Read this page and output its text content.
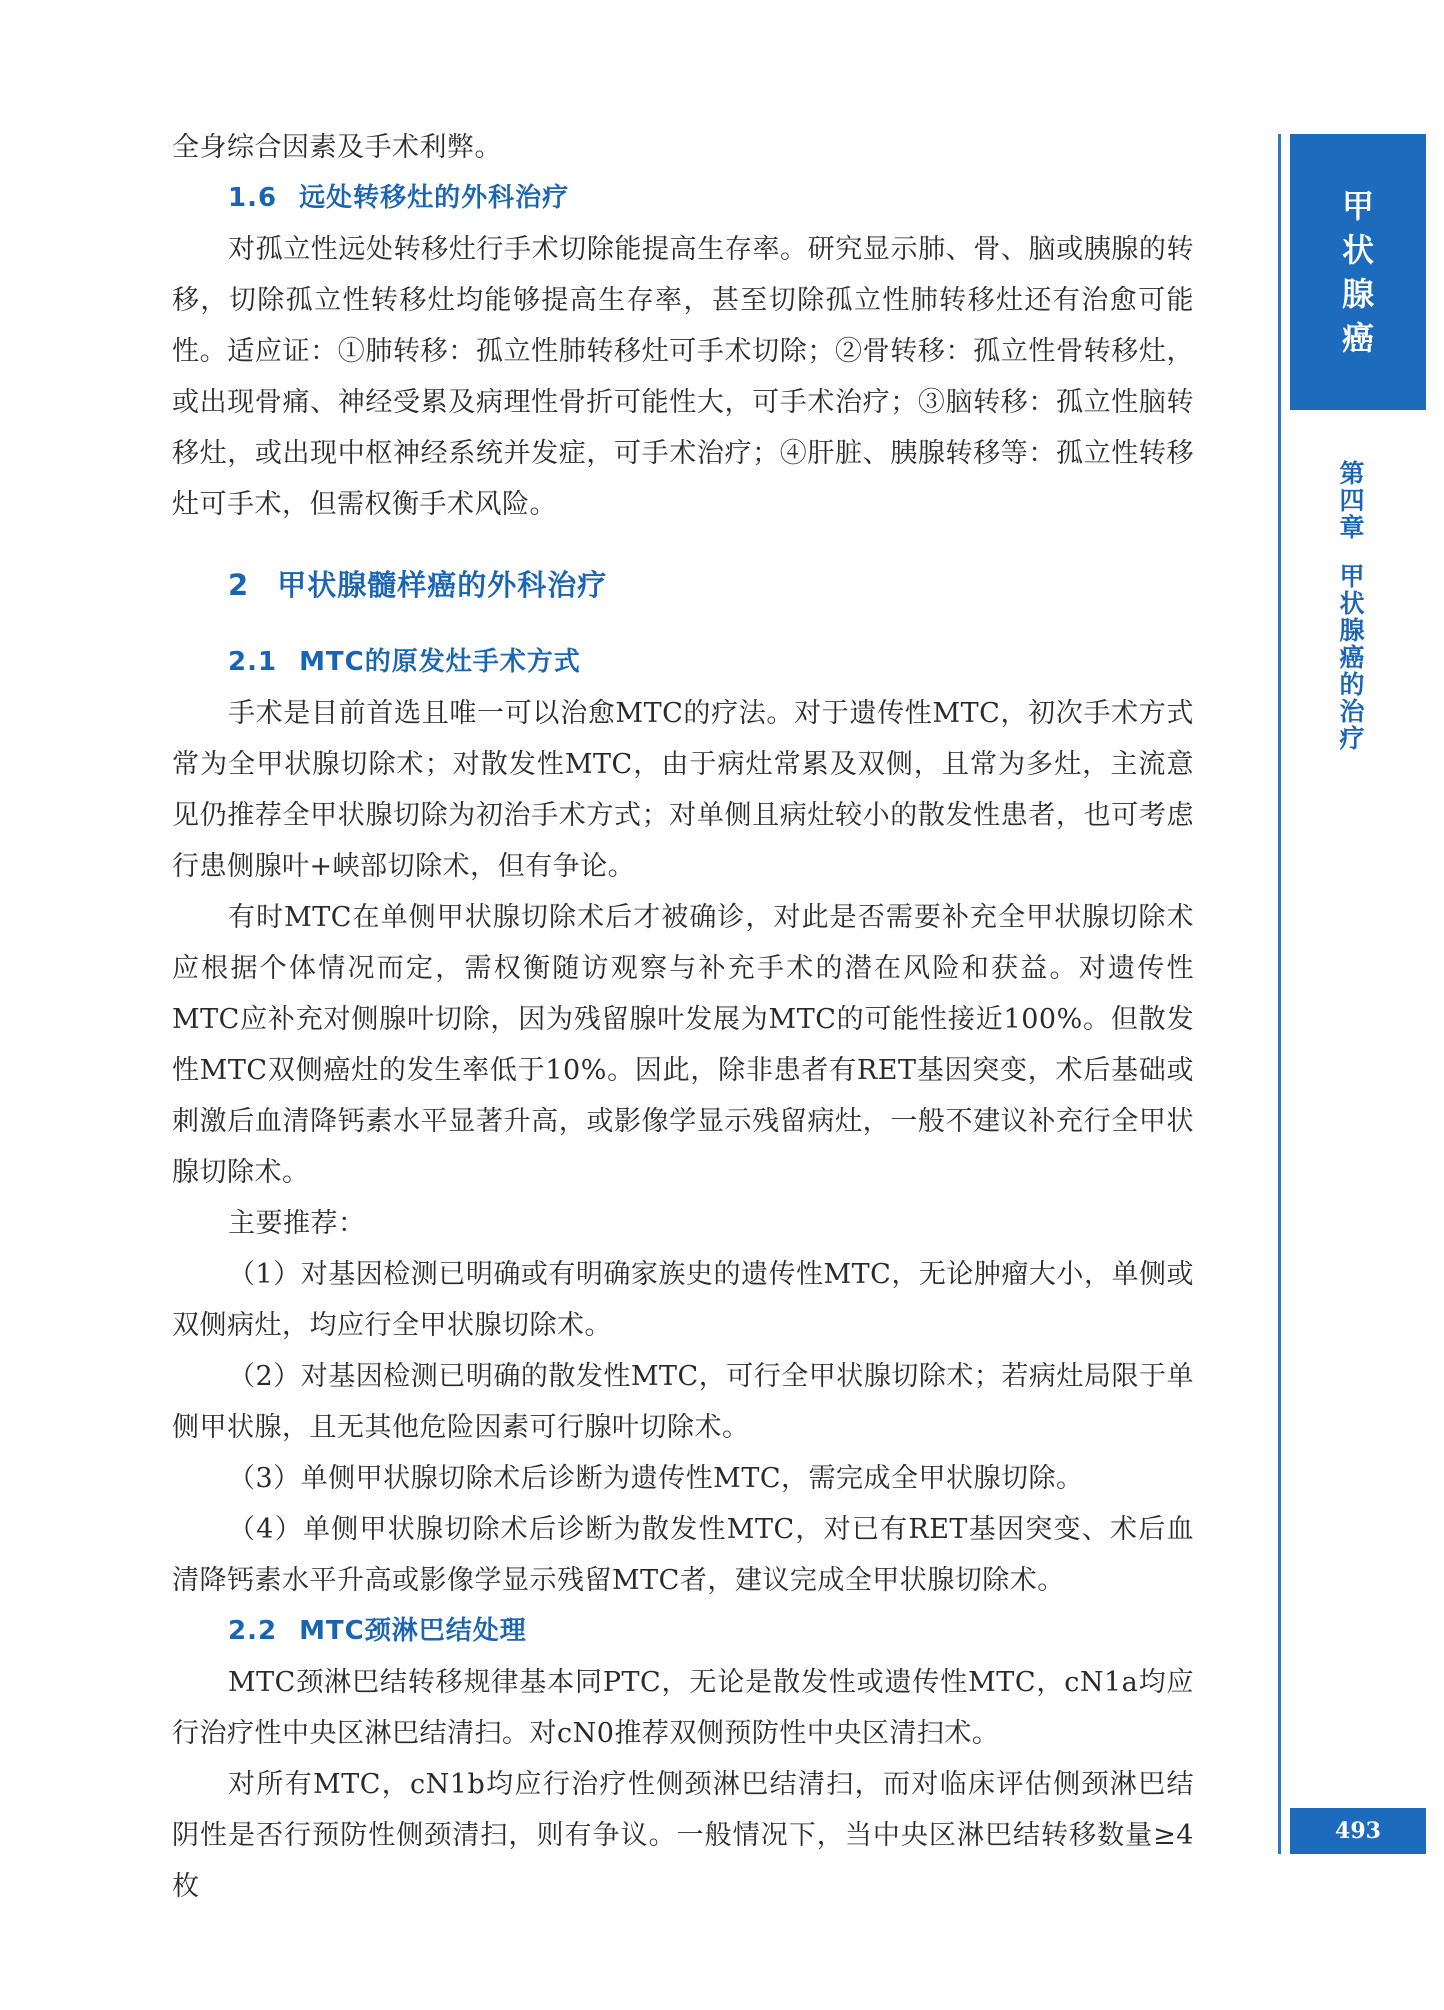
全身综合因素及手术利弊。

1.6 远处转移灶的外科治疗

对孤立性远处转移灶行手术切除能提高生存率。研究显示肺、骨、脑或胰腺的转移，切除孤立性转移灶均能够提高生存率，甚至切除孤立性肺转移灶还有治愈可能性。适应证：①肺转移：孤立性肺转移灶可手术切除；②骨转移：孤立性骨转移灶，或出现骨痛、神经受累及病理性骨折可能性大，可手术治疗；③脑转移：孤立性脑转移灶，或出现中枢神经系统并发症，可手术治疗；④肝脏、胰腺转移等：孤立性转移灶可手术，但需权衡手术风险。

2 甲状腺髓样癌的外科治疗
2.1 MTC的原发灶手术方式

手术是目前首选且唯一可以治愈MTC的疗法。对于遗传性MTC，初次手术方式常为全甲状腺切除术；对散发性MTC，由于病灶常累及双侧，且常为多灶，主流意见仍推荐全甲状腺切除为初治手术方式；对单侧且病灶较小的散发性患者，也可考虑行患侧腺叶+峡部切除术，但有争论。

有时MTC在单侧甲状腺切除术后才被确诊，对此是否需要补充全甲状腺切除术应根据个体情况而定，需权衡随访观察与补充手术的潜在风险和获益。对遗传性MTC应补充对侧腺叶切除，因为残留腺叶发展为MTC的可能性接近100%。但散发性MTC双侧癌灶的发生率低于10%。因此，除非患者有RET基因突变，术后基础或刺激后血清降钙素水平显著升高，或影像学显示残留病灶，一般不建议补充行全甲状腺切除术。

主要推荐：

（1）对基因检测已明确或有明确家族史的遗传性MTC，无论肿瘤大小，单侧或双侧病灶，均应行全甲状腺切除术。

（2）对基因检测已明确的散发性MTC，可行全甲状腺切除术；若病灶局限于单侧甲状腺，且无其他危险因素可行腺叶切除术。

（3）单侧甲状腺切除术后诊断为遗传性MTC，需完成全甲状腺切除。

（4）单侧甲状腺切除术后诊断为散发性MTC，对已有RET基因突变、术后血清降钙素水平升高或影像学显示残留MTC者，建议完成全甲状腺切除术。

2.2 MTC颈淋巴结处理

MTC颈淋巴结转移规律基本同PTC，无论是散发性或遗传性MTC，cN1a均应行治疗性中央区淋巴结清扫。对cN0推荐双侧预防性中央区清扫术。

对所有MTC，cN1b均应行治疗性侧颈淋巴结清扫，而对临床评估侧颈淋巴结阴性是否行预防性侧颈清扫，则有争议。一般情况下，当中央区淋巴结转移数量≥4枚

甲
状
腺
癌
第
四
章
甲
状
腺
癌
的
治
疗
493
